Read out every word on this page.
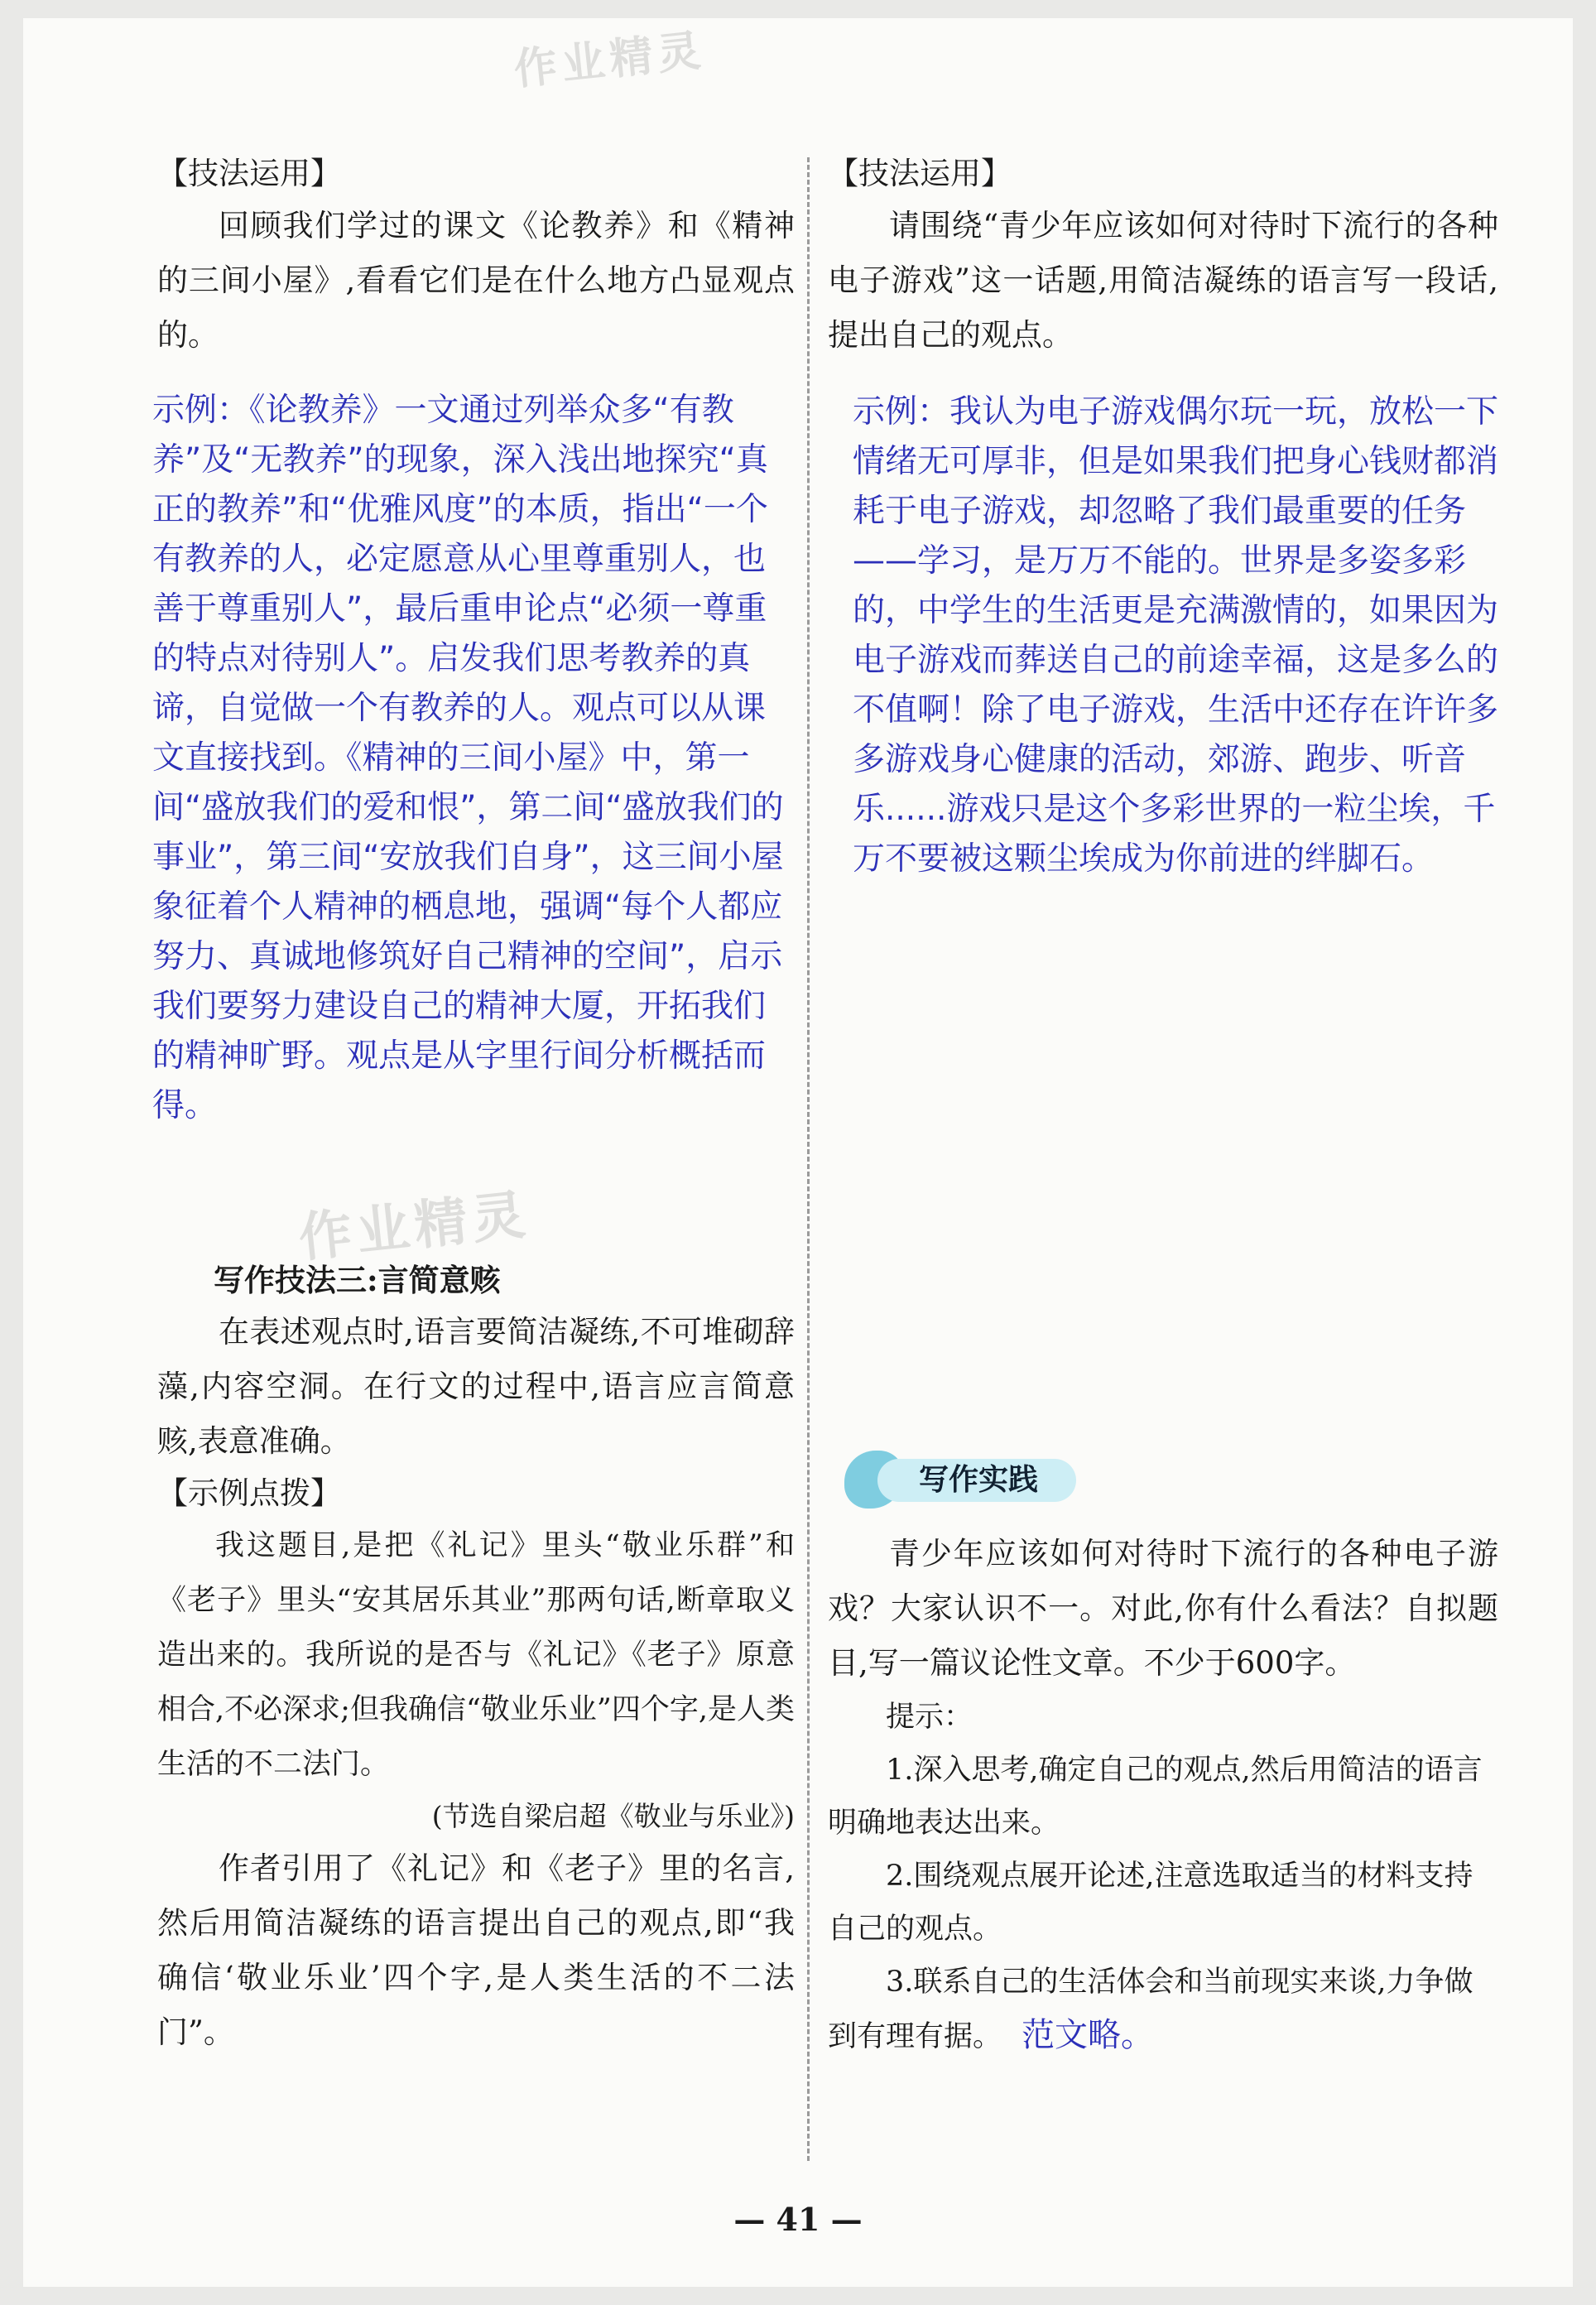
【技法运用】

回顾我们学过的课文《论教养》和《精神的三间小屋》,看看它们是在什么地方凸显观点的。

示例：《论教养》一文通过列举众多“有教养”及“无教养”的现象，深入浅出地探究“真正的教养”和“优雅风度”的本质，指出“一个有教养的人，必定愿意从心里尊重别人，也善于尊重别人”，最后重申论点“必须一尊重的特点对待别人”。启发我们思考教养的真谛，自觉做一个有教养的人。观点可以从课文直接找到。《精神的三间小屋》中，第一间“盛放我们的爱和恨”，第二间“盛放我们的事业”，第三间“安放我们自身”，这三间小屋象征着个人精神的栖息地，强调“每个人都应努力、真诚地修筑好自己精神的空间”，启示我们要努力建设自己的精神大厦，开拓我们的精神旷野。观点是从字里行间分析概括而得。

写作技法三:言简意赅

在表述观点时,语言要简洁凝练,不可堆砌辞藻,内容空洞。在行文的过程中,语言应言简意赅,表意准确。

【示例点拨】

我这题目,是把《礼记》里头“敬业乐群”和《老子》里头“安其居乐其业”那两句话,断章取义造出来的。我所说的是否与《礼记》《老子》原意相合,不必深求;但我确信“敬业乐业”四个字,是人类生活的不二法门。

(节选自梁启超《敬业与乐业》)

作者引用了《礼记》和《老子》里的名言,然后用简洁凝练的语言提出自己的观点,即“我确信‘敬业乐业’四个字,是人类生活的不二法门”。

【技法运用】

请围绕“青少年应该如何对待时下流行的各种电子游戏”这一话题,用简洁凝练的语言写一段话,提出自己的观点。

示例：我认为电子游戏偶尔玩一玩，放松一下情绪无可厚非，但是如果我们把身心钱财都消耗于电子游戏，却忽略了我们最重要的任务——学习，是万万不能的。世界是多姿多彩的，中学生的生活更是充满激情的，如果因为电子游戏而葬送自己的前途幸福，这是多么的不值啊！除了电子游戏，生活中还存在许许多多游戏身心健康的活动，郊游、跑步、听音乐......游戏只是这个多彩世界的一粒尘埃，千万不要被这颗尘埃成为你前进的绊脚石。

写作实践

青少年应该如何对待时下流行的各种电子游戏？大家认识不一。对此,你有什么看法？自拟题目,写一篇议论性文章。不少于600字。

提示：

1.深入思考,确定自己的观点,然后用简洁的语言明确地表达出来。

2.围绕观点展开论述,注意选取适当的材料支持自己的观点。

3.联系自己的生活体会和当前现实来谈,力争做到有理有据。 范文略。

作业精灵
作业精灵
— 41 —
